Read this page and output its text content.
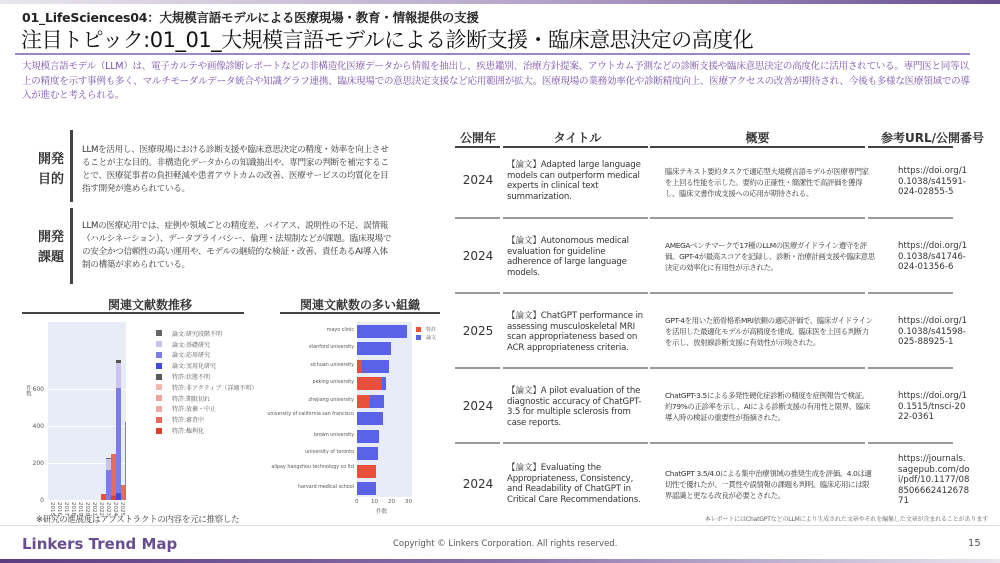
01_LifeSciences04：大規模言語モデルによる医療現場・教育・情報提供の支援
注目トピック:01_01_大規模言語モデルによる診断支援・臨床意思決定の高度化
大規模言語モデル（LLM）は、電子カルテや画像診断レポートなどの非構造化医療データから情報を抽出し、疾患鑑別、治療方針提案、アウトカム予測などの診断支援や臨床意思決定の高度化に活用されている。専門医と同等以上の精度を示す事例も多く、マルチモーダルデータ統合や知識グラフ連携、臨床現場での意思決定支援など応用範囲が拡大。医療現場の業務効率化や診断精度向上、医療アクセスの改善が期待され、今後も多様な医療領域での導入が進むと考えられる。
開発
目的
LLMを活用し、医療現場における診断支援や臨床意思決定の精度・効率を向上させることが主な目的。非構造化データからの知識抽出や、専門家の判断を補完することで、医療従事者の負担軽減や患者アウトカムの改善、医療サービスの均質化を目指す開発が進められている。
開発
課題
LLMの医療応用では、症例や領域ごとの精度差、バイアス、説明性の不足、誤情報（ハルシネーション）、データプライバシー、倫理・法規制などが課題。臨床現場での安全かつ信頼性の高い運用や、モデルの継続的な検証・改善、責任あるAI導入体制の構築が求められている。
関連文献数推移	関連文献数の多い組織
件数
0
200
400
600
2015 2016 2017 2018 2019 2020 2021 2022 2023 2024 2025
論文:研究段階不明
論文:基礎研究
論文:応用研究
論文:実用化研究
特許:状態不明
特許:非アクティブ（詳細不明）
特許:期限切れ
特許:放棄・中止
特許:審査中
特許:権利化
mayo clinic
stanford university
sichuan university
peking university
zhejiang university
university of california san francisco
brown university
university of toronto
alipay hangzhou technology co ltd
harvard medical school
0 10 20 30
件数
特許
論文
※研究の進展度はアブストラクトの内容を元に推察した
公開年	タイトル	概要	参考URL/公開番号
2024
【論文】Adapted large language models can outperform medical experts in clinical text summarization.
臨床テキスト要約タスクで適応型大規模言語モデルが医療専門家を上回る性能を示した。要約の正確性・簡潔性で高評価を獲得し、臨床文書作成支援への応用が期待される。
https://doi.org/10.1038/s41591-024-02855-5
2024
【論文】Autonomous medical evaluation for guideline adherence of large language models.
AMEGAベンチマークで17種のLLMの医療ガイドライン遵守を評価。GPT-4が最高スコアを記録し、診断・治療計画支援や臨床意思決定の効率化に有用性が示された。
https://doi.org/10.1038/s41746-024-01356-6
2025
【論文】ChatGPT performance in assessing musculoskeletal MRI scan appropriateness based on ACR appropriateness criteria.
GPT-4を用いた筋骨格系MRI依頼の適応評価で、臨床ガイドラインを活用した最適化モデルが高精度を達成。臨床医を上回る判断力を示し、放射線診断支援に有効性が示唆された。
https://doi.org/10.1038/s41598-025-88925-1
2024
【論文】A pilot evaluation of the diagnostic accuracy of ChatGPT-3.5 for multiple sclerosis from case reports.
ChatGPT-3.5による多発性硬化症診断の精度を症例報告で検証。約79%の正診率を示し、AIによる診断支援の有用性と限界、臨床導入時の検証の重要性が指摘された。
https://doi.org/10.1515/tnsci-2022-0361
2024
【論文】Evaluating the Appropriateness, Consistency, and Readability of ChatGPT in Critical Care Recommendations.
ChatGPT 3.5/4.0による集中治療領域の推奨生成を評価。4.0は適切性で優れたが、一貫性や誤情報の課題も判明。臨床応用には限界認識と更なる改良が必要とされた。
https://journals.sagepub.com/doi/pdf/10.1177/08850666241267871
本レポートにはChatGPTなどのLLMにより生成された文章やそれを編集した文章が含まれることがあります
Linkers Trend Map	Copyright © Linkers Corporation. All rights reserved.	15
